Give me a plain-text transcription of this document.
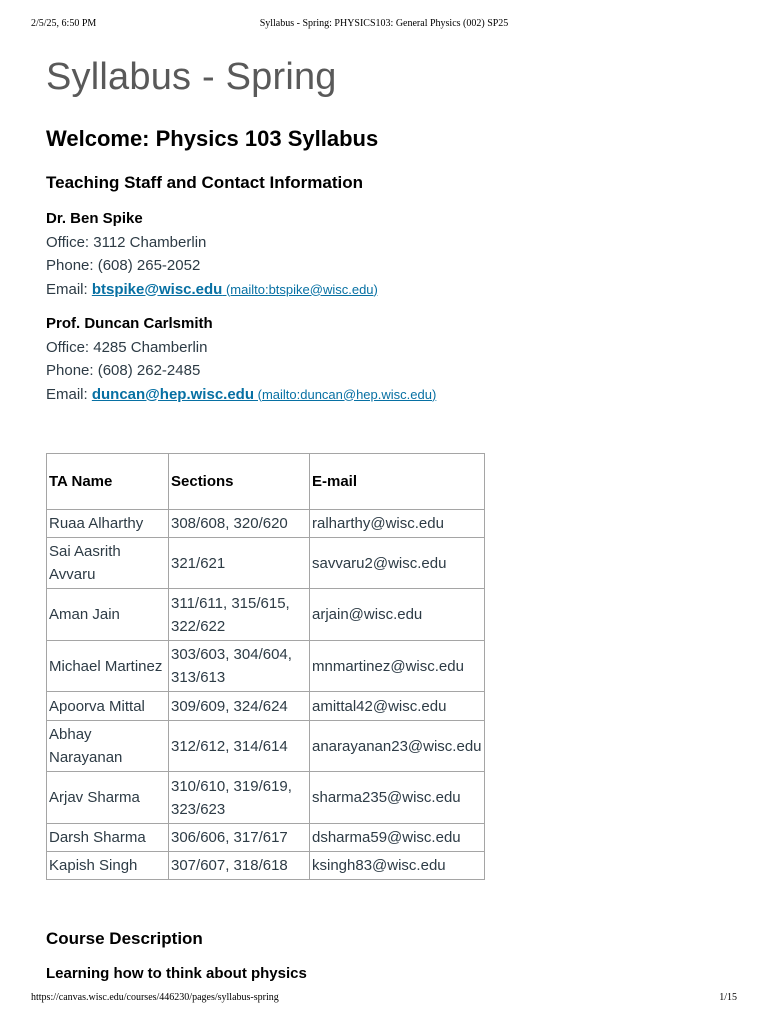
2/5/25, 6:50 PM	Syllabus - Spring: PHYSICS103: General Physics (002) SP25
Syllabus - Spring
Welcome: Physics 103 Syllabus
Teaching Staff and Contact Information
Dr. Ben Spike
Office: 3112 Chamberlin
Phone: (608) 265-2052
Email: btspike@wisc.edu (mailto:btspike@wisc.edu)
Prof. Duncan Carlsmith
Office: 4285 Chamberlin
Phone: (608) 262-2485
Email: duncan@hep.wisc.edu (mailto:duncan@hep.wisc.edu)
TA Name	Sections	E-mail
Ruaa Alharthy	308/608, 320/620	ralharthy@wisc.edu
Sai Aasrith Avvaru	321/621	savvaru2@wisc.edu
Aman Jain	311/611, 315/615, 322/622	arjain@wisc.edu
Michael Martinez	303/603, 304/604, 313/613	mnmartinez@wisc.edu
Apoorva Mittal	309/609, 324/624	amittal42@wisc.edu
Abhay Narayanan	312/612, 314/614	anarayanan23@wisc.edu
Arjav Sharma	310/610, 319/619, 323/623	sharma235@wisc.edu
Darsh Sharma	306/606, 317/617	dsharma59@wisc.edu
Kapish Singh	307/607, 318/618	ksingh83@wisc.edu
Course Description
Learning how to think about physics
https://canvas.wisc.edu/courses/446230/pages/syllabus-spring	1/15
